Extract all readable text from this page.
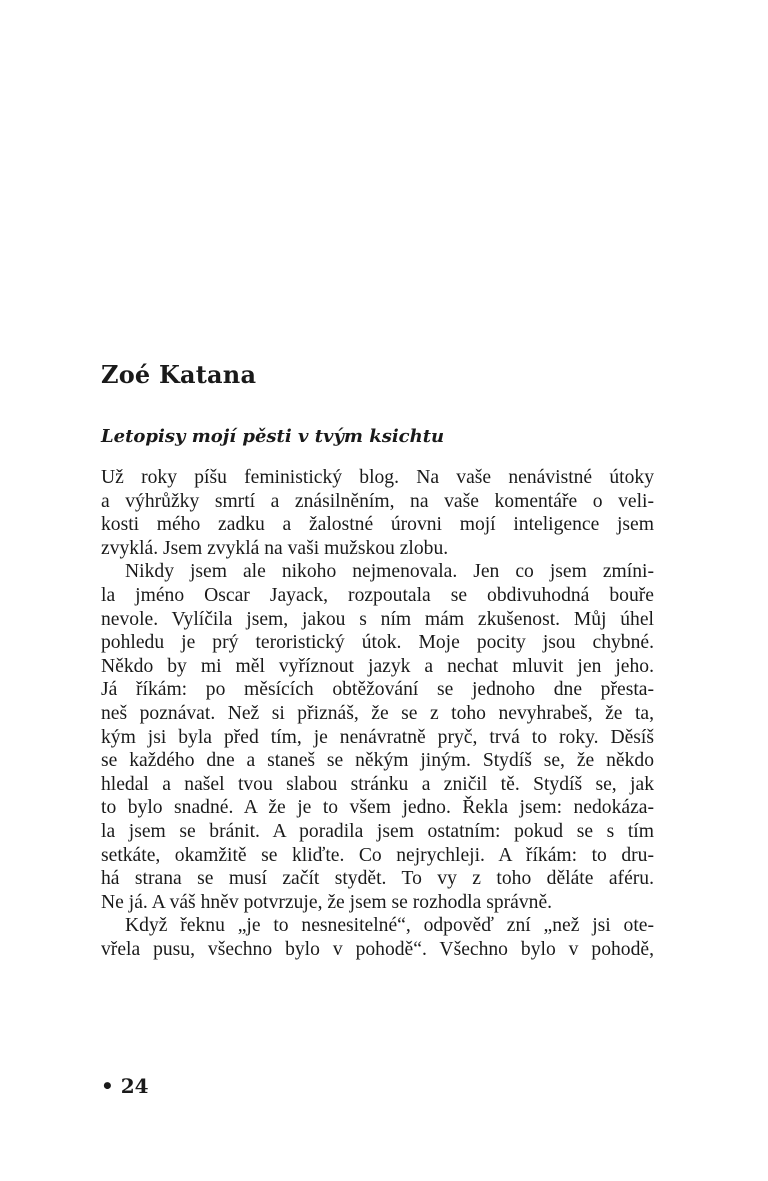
Zoé Katana
Letopisy mojí pěsti v tvým ksichtu
Už roky píšu feministický blog. Na vaše nenávistné útoky
a výhrůžky smrtí a znásilněním, na vaše komentáře o veli-
kosti mého zadku a žalostné úrovni mojí inteligence jsem
zvyklá. Jsem zvyklá na vaši mužskou zlobu.
Nikdy jsem ale nikoho nejmenovala. Jen co jsem zmíni-
la jméno Oscar Jayack, rozpoutala se obdivuhodná bouře
nevole. Vylíčila jsem, jakou s ním mám zkušenost. Můj úhel
pohledu je prý teroristický útok. Moje pocity jsou chybné.
Někdo by mi měl vyříznout jazyk a nechat mluvit jen jeho.
Já říkám: po měsících obtěžování se jednoho dne přesta-
neš poznávat. Než si přiznáš, že se z toho nevyhrabeš, že ta,
kým jsi byla před tím, je nenávratně pryč, trvá to roky. Děsíš
se každého dne a staneš se někým jiným. Stydíš se, že někdo
hledal a našel tvou slabou stránku a zničil tě. Stydíš se, jak
to bylo snadné. A že je to všem jedno. Řekla jsem: nedokáza-
la jsem se bránit. A poradila jsem ostatním: pokud se s tím
setkáte, okamžitě se kliďte. Co nejrychleji. A říkám: to dru-
há strana se musí začít stydět. To vy z toho děláte aféru.
Ne já. A váš hněv potvrzuje, že jsem se rozhodla správně.
Když řeknu „je to nesnesitelné“, odpověď zní „než jsi ote-
vřela pusu, všechno bylo v pohodě“. Všechno bylo v pohodě,
• 24
